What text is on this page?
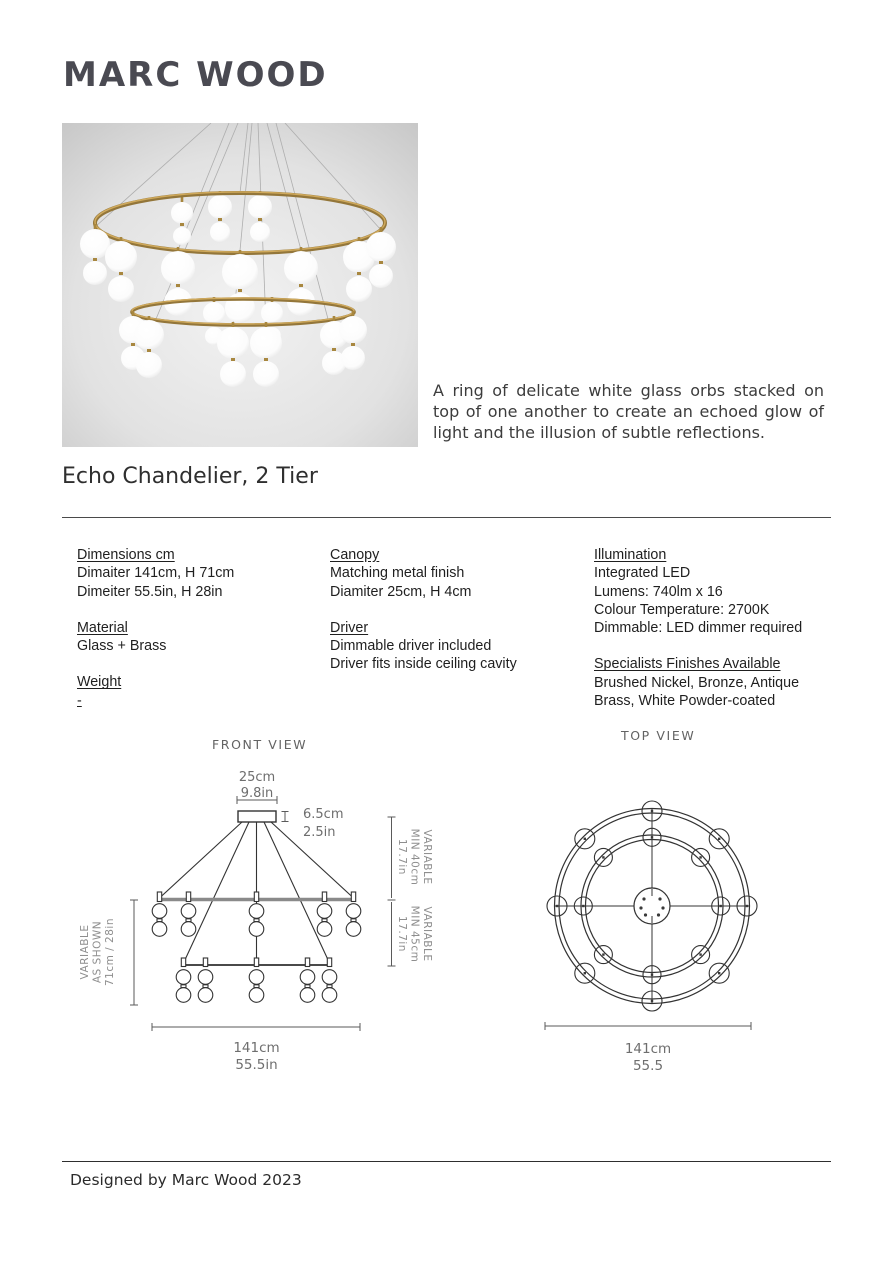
MARC WOOD
A ring of delicate white glass orbs stacked on top of one another to create an echoed glow of light and the illusion of subtle reflections.
Echo Chandelier, 2 Tier
Dimensions cm
Dimaiter 141cm, H 71cm
Dimeiter 55.5in, H 28in
Material
Glass + Brass
Weight
-
Canopy
Matching metal finish
Diamiter 25cm, H 4cm
Driver
Dimmable driver included
Driver fits inside ceiling cavity
Illumination
Integrated LED
Lumens: 740lm x 16
Colour Temperature: 2700K
Dimmable: LED dimmer required
Specialists Finishes Available
Brushed Nickel, Bronze, Antique
Brass, White Powder-coated
FRONT VIEW
TOP VIEW
25cm
9.8in
6.5cm
2.5in
VARIABLE AS SHOWN 71cm / 28in
VARIABLE
MIN 40cm
17.7in
VARIABLE
MIN 45cm
17.7in
141cm
55.5in
141cm
55.5
Designed by Marc Wood 2023
